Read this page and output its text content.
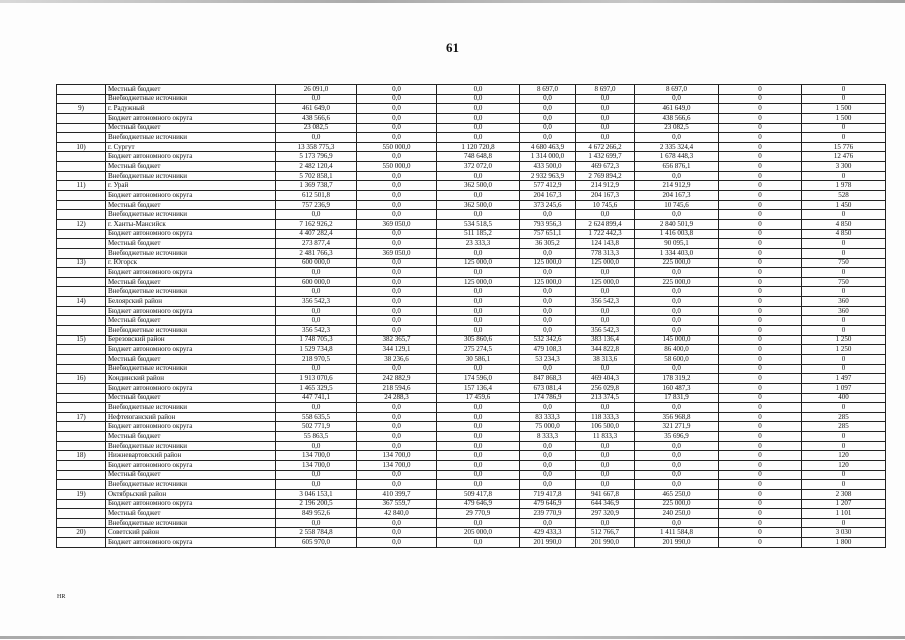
61
	Местный бюджет	26 091,0	0,0	0,0	8 697,0	8 697,0	8 697,0	0	0
	Внебюджетные источники	0,0	0,0	0,0	0,0	0,0	0,0	0	0
9)	г. Радужный	461 649,0	0,0	0,0	0,0	0,0	461 649,0	0	1 500
	Бюджет автономного округа	438 566,6	0,0	0,0	0,0	0,0	438 566,6	0	1 500
	Местный бюджет	23 082,5	0,0	0,0	0,0	0,0	23 082,5	0	0
	Внебюджетные источники	0,0	0,0	0,0	0,0	0,0	0,0	0	0
10)	г. Сургут	13 358 775,3	550 000,0	1 120 720,8	4 680 463,9	4 672 266,2	2 335 324,4	0	15 776
	Бюджет автономного округа	5 173 796,9	0,0	748 648,8	1 314 000,0	1 432 699,7	1 678 448,3	0	12 476
	Местный бюджет	2 482 120,4	550 000,0	372 072,0	433 500,0	469 672,3	656 876,1	0	3 300
	Внебюджетные источники	5 702 858,1	0,0	0,0	2 932 963,9	2 769 894,2	0,0	0	0
11)	г. Урай	1 369 738,7	0,0	362 500,0	577 412,9	214 912,9	214 912,9	0	1 978
	Бюджет автономного округа	612 501,8	0,0	0,0	204 167,3	204 167,3	204 167,3	0	528
	Местный бюджет	757 236,9	0,0	362 500,0	373 245,6	10 745,6	10 745,6	0	1 450
	Внебюджетные источники	0,0	0,0	0,0	0,0	0,0	0,0	0	0
12)	г. Ханты-Мансийск	7 162 926,2	369 050,0	534 518,5	793 956,3	2 624 899,4	2 840 501,9	0	4 850
	Бюджет автономного округа	4 407 282,4	0,0	511 185,2	757 651,1	1 722 442,3	1 416 003,8	0	4 850
	Местный бюджет	273 877,4	0,0	23 333,3	36 305,2	124 143,8	90 095,1	0	0
	Внебюджетные источники	2 481 766,3	369 050,0	0,0	0,0	778 313,3	1 334 403,0	0	0
13)	г. Югорск	600 000,0	0,0	125 000,0	125 000,0	125 000,0	225 000,0	0	750
	Бюджет автономного округа	0,0	0,0	0,0	0,0	0,0	0,0	0	0
	Местный бюджет	600 000,0	0,0	125 000,0	125 000,0	125 000,0	225 000,0	0	750
	Внебюджетные источники	0,0	0,0	0,0	0,0	0,0	0,0	0	0
14)	Белоярский район	356 542,3	0,0	0,0	0,0	356 542,3	0,0	0	360
	Бюджет автономного округа	0,0	0,0	0,0	0,0	0,0	0,0	0	360
	Местный бюджет	0,0	0,0	0,0	0,0	0,0	0,0	0	0
	Внебюджетные источники	356 542,3	0,0	0,0	0,0	356 542,3	0,0	0	0
15)	Березовский район	1 748 705,3	382 365,7	305 860,6	532 342,6	383 136,4	145 000,0	0	1 250
	Бюджет автономного округа	1 529 734,8	344 129,1	275 274,5	479 108,3	344 822,8	86 400,0	0	1 250
	Местный бюджет	218 970,5	38 236,6	30 586,1	53 234,3	38 313,6	58 600,0	0	0
	Внебюджетные источники	0,0	0,0	0,0	0,0	0,0	0,0	0	0
16)	Кондинский район	1 913 070,6	242 882,9	174 596,0	847 868,3	469 404,3	178 319,2	0	1 497
	Бюджет автономного округа	1 465 329,5	218 594,6	157 136,4	673 081,4	256 029,8	160 487,3	0	1 097
	Местный бюджет	447 741,1	24 288,3	17 459,6	174 786,9	213 374,5	17 831,9	0	400
	Внебюджетные источники	0,0	0,0	0,0	0,0	0,0	0,0	0	0
17)	Нефтеюганский район	558 635,5	0,0	0,0	83 333,3	118 333,3	356 968,8	0	285
	Бюджет автономного округа	502 771,9	0,0	0,0	75 000,0	106 500,0	321 271,9	0	285
	Местный бюджет	55 863,5	0,0	0,0	8 333,3	11 833,3	35 696,9	0	0
	Внебюджетные источники	0,0	0,0	0,0	0,0	0,0	0,0	0	0
18)	Нижневартовский район	134 700,0	134 700,0	0,0	0,0	0,0	0,0	0	120
	Бюджет автономного округа	134 700,0	134 700,0	0,0	0,0	0,0	0,0	0	120
	Местный бюджет	0,0	0,0	0,0	0,0	0,0	0,0	0	0
	Внебюджетные источники	0,0	0,0	0,0	0,0	0,0	0,0	0	0
19)	Октябрьский район	3 046 153,1	410 399,7	509 417,8	719 417,8	941 667,8	465 250,0	0	2 308
	Бюджет автономного округа	2 196 200,5	367 559,7	479 646,9	479 646,9	644 346,9	225 000,0	0	1 207
	Местный бюджет	849 952,6	42 840,0	29 770,9	239 770,9	297 320,9	240 250,0	0	1 101
	Внебюджетные источники	0,0	0,0	0,0	0,0	0,0	0,0	0	0
20)	Советский район	2 558 784,8	0,0	205 000,0	429 433,3	512 766,7	1 411 584,8	0	3 030
	Бюджет автономного округа	605 970,0	0,0	0,0	201 990,0	201 990,0	201 990,0	0	1 800
HR
